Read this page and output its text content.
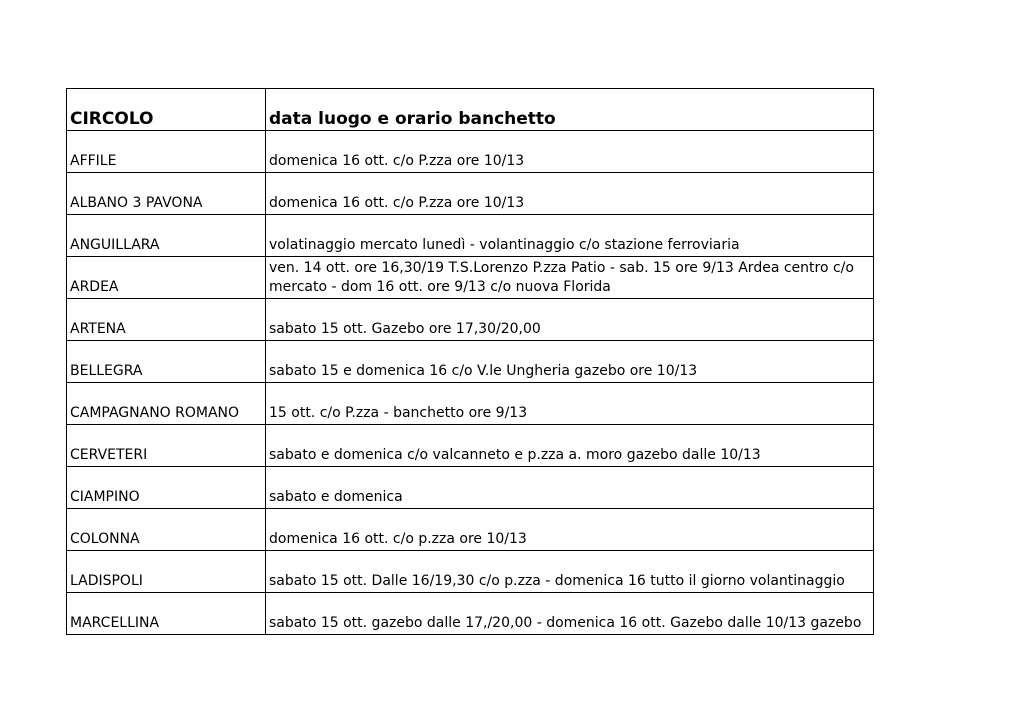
CIRCOLO	data luogo e orario banchetto
AFFILE	domenica 16 ott. c/o P.zza ore 10/13
ALBANO 3 PAVONA	domenica 16 ott. c/o P.zza ore 10/13
ANGUILLARA	volatinaggio mercato lunedì - volantinaggio c/o stazione ferroviaria
ARDEA	ven. 14 ott. ore 16,30/19 T.S.Lorenzo P.zza Patio - sab. 15 ore 9/13 Ardea centro c/o mercato - dom 16 ott. ore 9/13 c/o nuova Florida
ARTENA	sabato 15 ott. Gazebo ore 17,30/20,00
BELLEGRA	sabato 15 e domenica 16 c/o V.le Ungheria gazebo ore 10/13
CAMPAGNANO ROMANO	15 ott. c/o P.zza - banchetto ore 9/13
CERVETERI	sabato e domenica c/o valcanneto e p.zza a. moro gazebo dalle 10/13
CIAMPINO	sabato e domenica
COLONNA	domenica 16 ott. c/o p.zza ore 10/13
LADISPOLI	sabato 15 ott. Dalle 16/19,30 c/o p.zza - domenica 16 tutto il giorno volantinaggio
MARCELLINA	sabato 15 ott. gazebo dalle 17,/20,00 - domenica 16 ott. Gazebo dalle 10/13 gazebo
